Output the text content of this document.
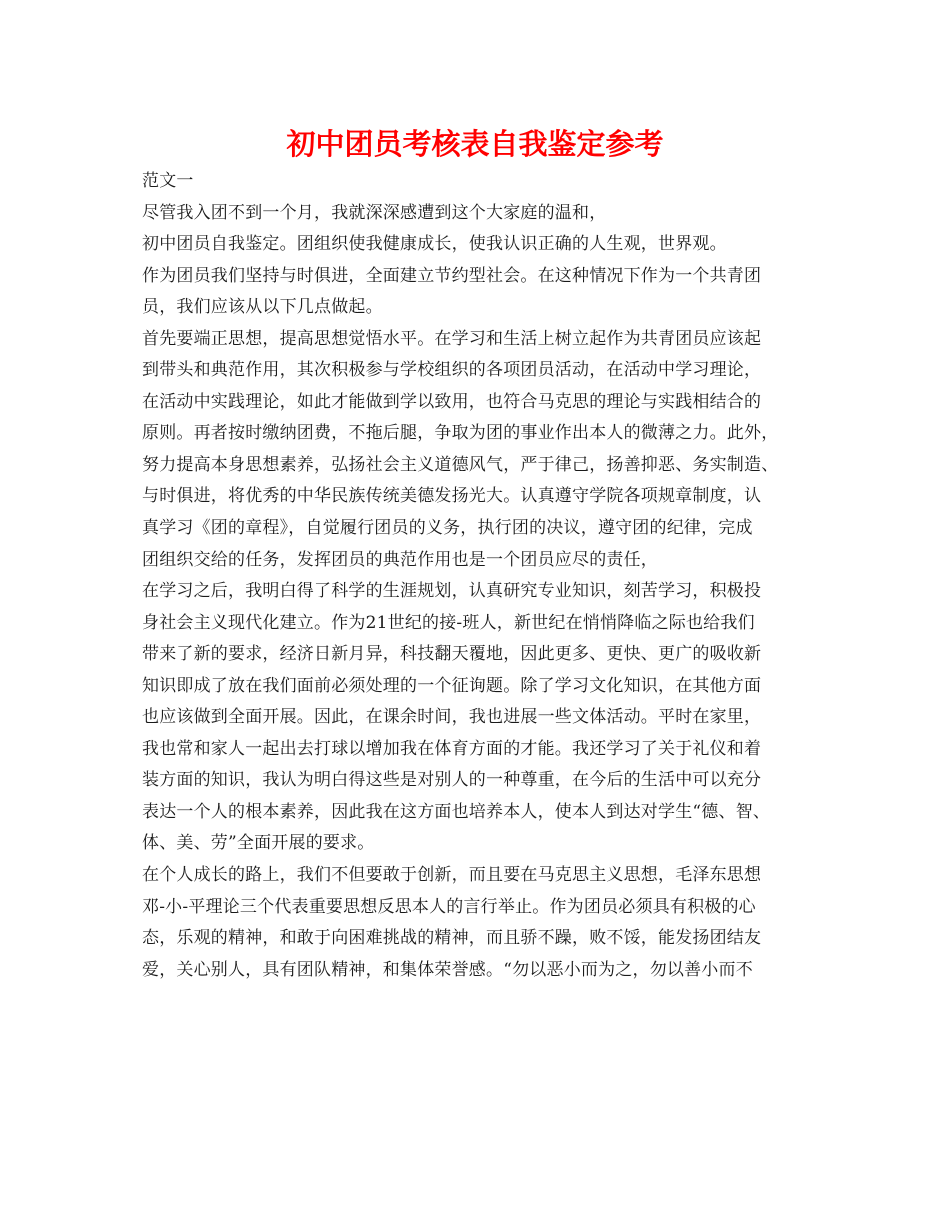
初中团员考核表自我鉴定参考
范文一
尽管我入团不到一个月，我就深深感遭到这个大家庭的温和，
初中团员自我鉴定。团组织使我健康成长，使我认识正确的人生观，世界观。
作为团员我们坚持与时俱进，全面建立节约型社会。在这种情况下作为一个共青团
员，我们应该从以下几点做起。
首先要端正思想，提高思想觉悟水平。在学习和生活上树立起作为共青团员应该起
到带头和典范作用，其次积极参与学校组织的各项团员活动，在活动中学习理论，
在活动中实践理论，如此才能做到学以致用，也符合马克思的理论与实践相结合的
原则。再者按时缴纳团费，不拖后腿，争取为团的事业作出本人的微薄之力。此外，
努力提高本身思想素养，弘扬社会主义道德风气，严于律己，扬善抑恶、务实制造、
与时俱进，将优秀的中华民族传统美德发扬光大。认真遵守学院各项规章制度，认
真学习《团的章程》，自觉履行团员的义务，执行团的决议，遵守团的纪律，完成
团组织交给的任务，发挥团员的典范作用也是一个团员应尽的责任，
在学习之后，我明白得了科学的生涯规划，认真研究专业知识，刻苦学习，积极投
身社会主义现代化建立。作为21世纪的接-班人，新世纪在悄悄降临之际也给我们
带来了新的要求，经济日新月异，科技翻天覆地，因此更多、更快、更广的吸收新
知识即成了放在我们面前必须处理的一个征询题。除了学习文化知识，在其他方面
也应该做到全面开展。因此，在课余时间，我也进展一些文体活动。平时在家里，
我也常和家人一起出去打球以增加我在体育方面的才能。我还学习了关于礼仪和着
装方面的知识，我认为明白得这些是对别人的一种尊重，在今后的生活中可以充分
表达一个人的根本素养，因此我在这方面也培养本人，使本人到达对学生“德、智、
体、美、劳”全面开展的要求。
在个人成长的路上，我们不但要敢于创新，而且要在马克思主义思想，毛泽东思想
邓-小-平理论三个代表重要思想反思本人的言行举止。作为团员必须具有积极的心
态，乐观的精神，和敢于向困难挑战的精神，而且骄不躁，败不馁，能发扬团结友
爱，关心别人，具有团队精神，和集体荣誉感。“勿以恶小而为之，勿以善小而不
